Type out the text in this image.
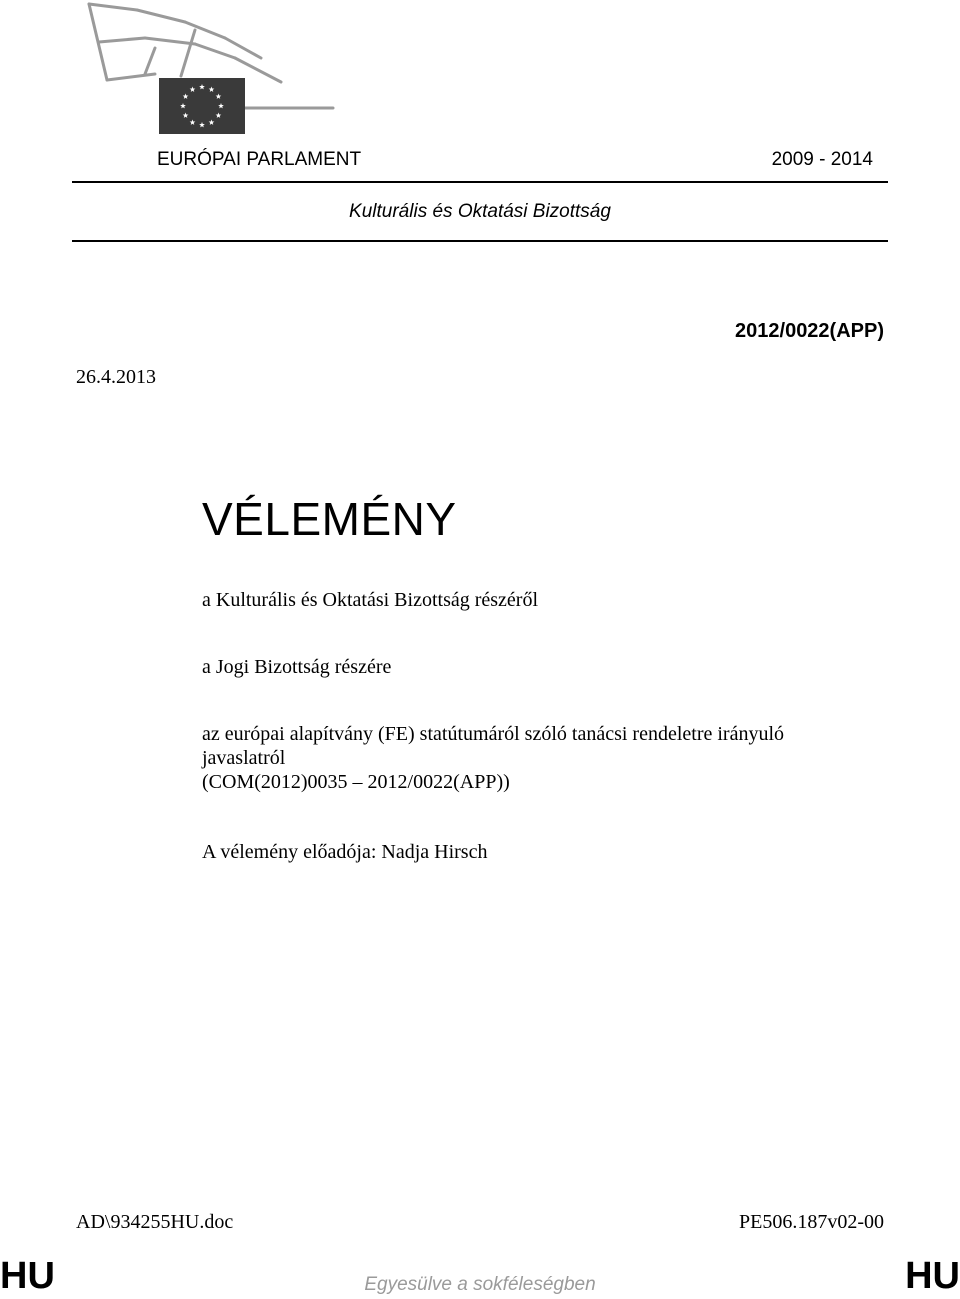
EURÓPAI PARLAMENT	2009 - 2014
Kulturális és Oktatási Bizottság
2012/0022(APP)
26.4.2013
VÉLEMÉNY
a Kulturális és Oktatási Bizottság részéről
a Jogi Bizottság részére
az európai alapítvány (FE) statútumáról szóló tanácsi rendeletre irányuló
javaslatról
(COM(2012)0035 – 2012/0022(APP))
A vélemény előadója: Nadja Hirsch
AD\934255HU.doc	PE506.187v02-00
HU	Egyesülve a sokféleségben	HU
